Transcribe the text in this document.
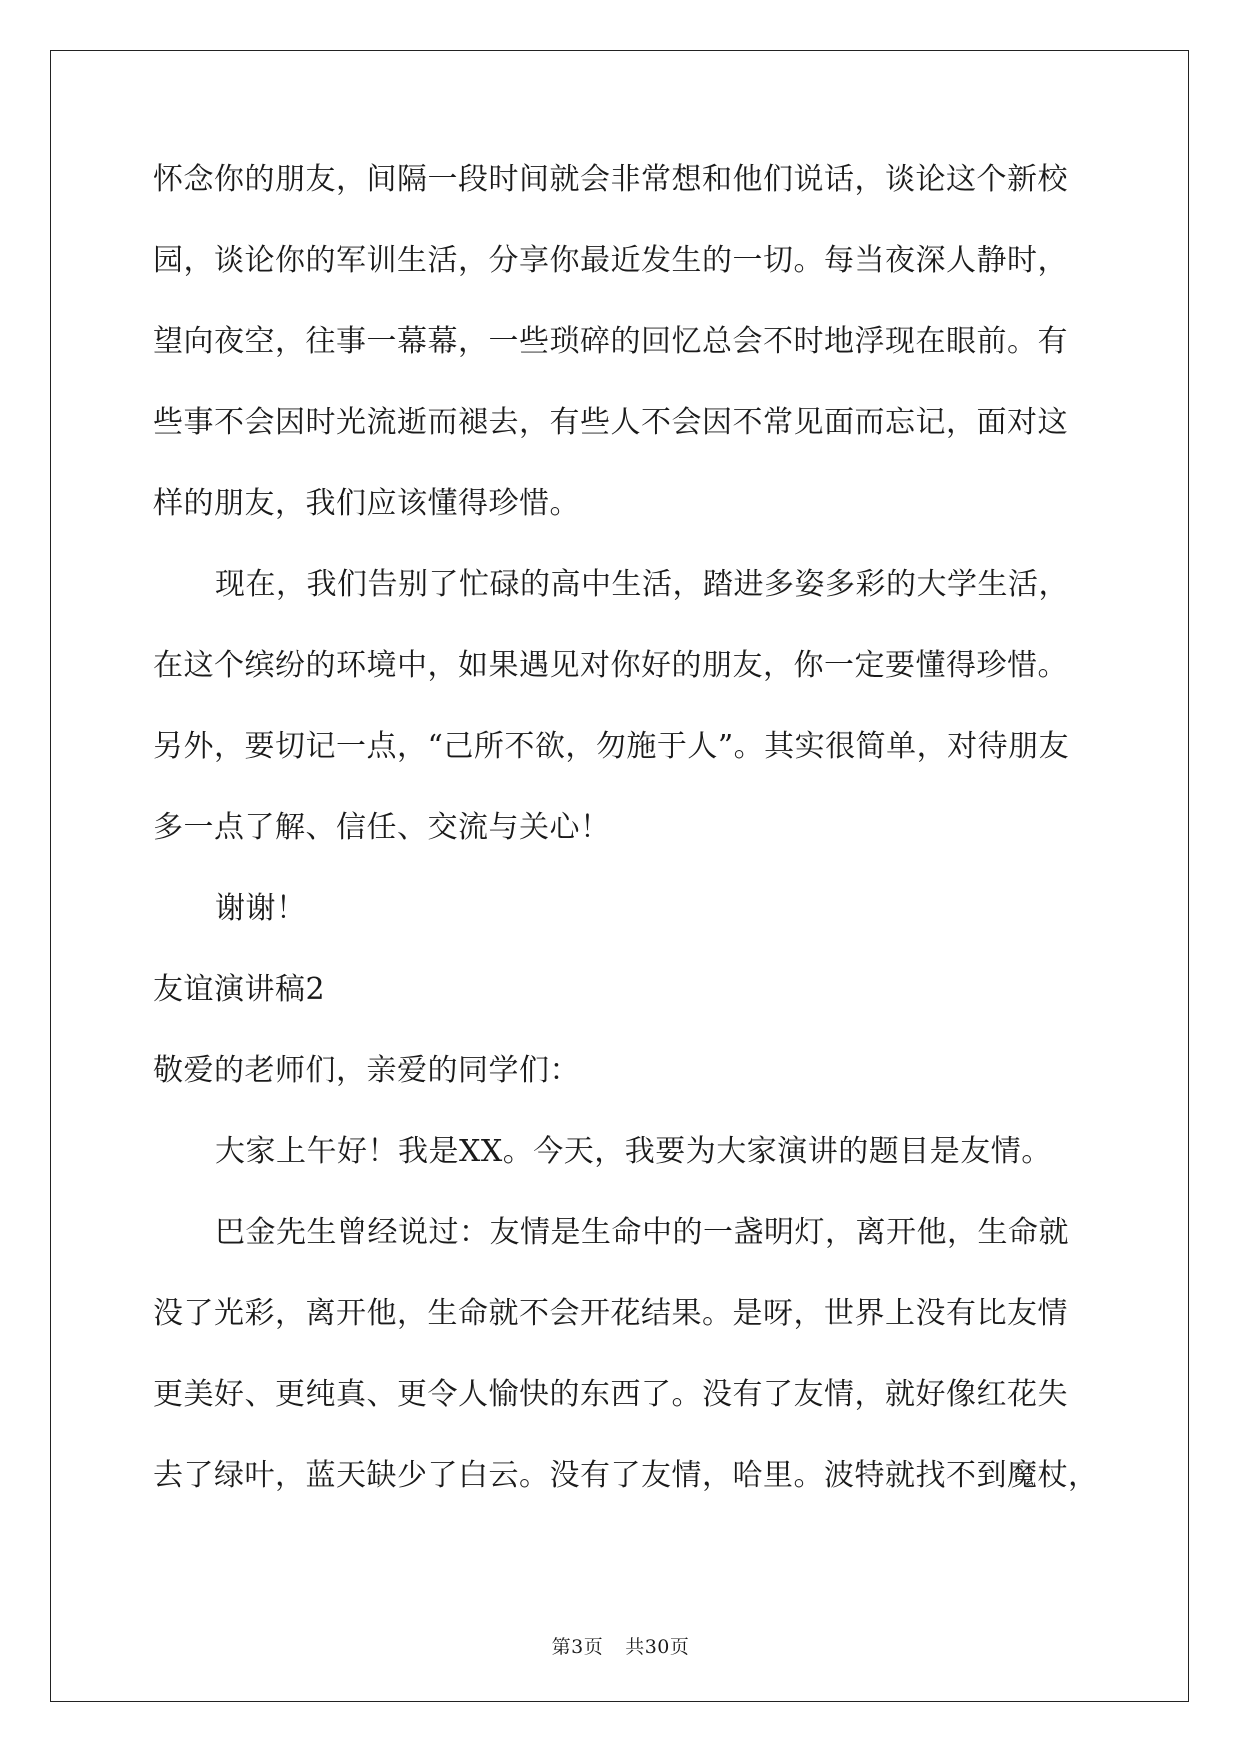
怀念你的朋友，间隔一段时间就会非常想和他们说话，谈论这个新校
园，谈论你的军训生活，分享你最近发生的一切。每当夜深人静时，
望向夜空，往事一幕幕，一些琐碎的回忆总会不时地浮现在眼前。有
些事不会因时光流逝而褪去，有些人不会因不常见面而忘记，面对这
样的朋友，我们应该懂得珍惜。
现在，我们告别了忙碌的高中生活，踏进多姿多彩的大学生活，
在这个缤纷的环境中，如果遇见对你好的朋友，你一定要懂得珍惜。
另外，要切记一点，“己所不欲，勿施于人”。其实很简单，对待朋友
多一点了解、信任、交流与关心！
谢谢！
友谊演讲稿2
敬爱的老师们，亲爱的同学们：
大家上午好！我是XX。今天，我要为大家演讲的题目是友情。
巴金先生曾经说过：友情是生命中的一盏明灯，离开他，生命就
没了光彩，离开他，生命就不会开花结果。是呀，世界上没有比友情
更美好、更纯真、更令人愉快的东西了。没有了友情，就好像红花失
去了绿叶，蓝天缺少了白云。没有了友情，哈里。波特就找不到魔杖，
第3页 共30页
